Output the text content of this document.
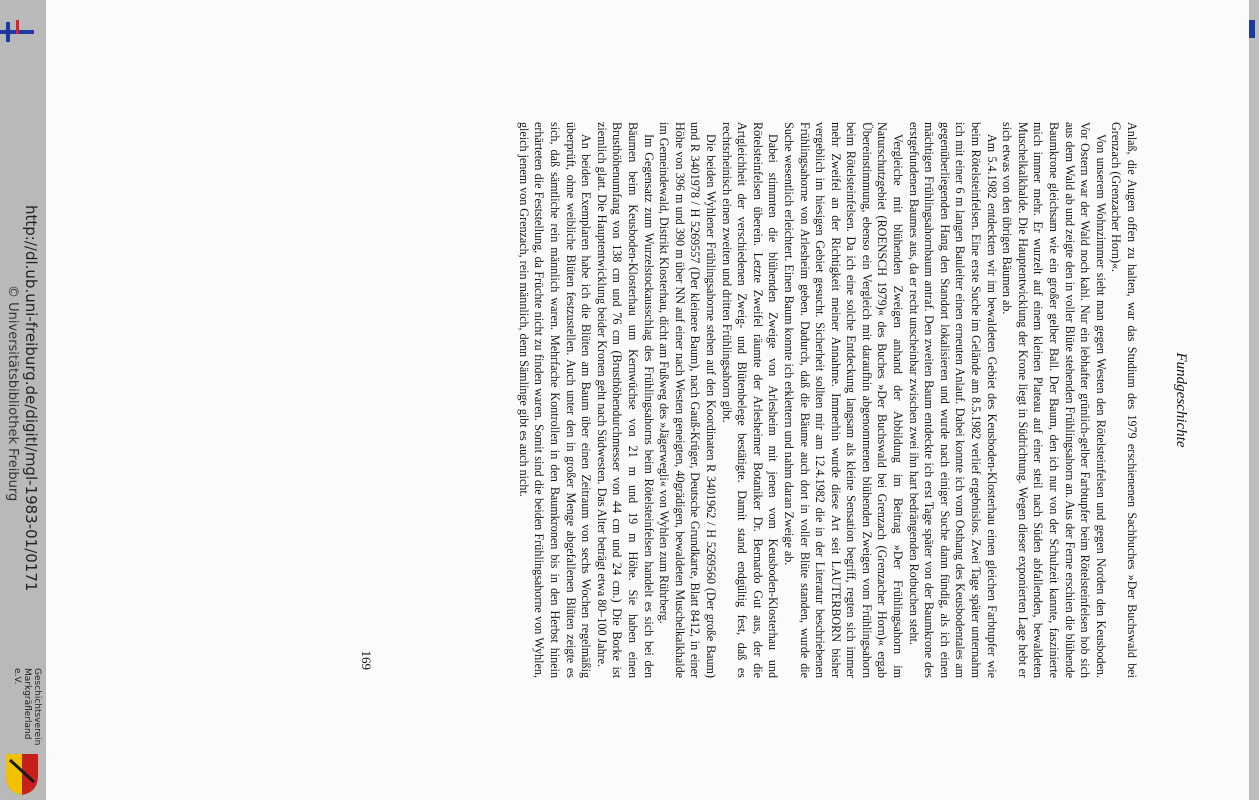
Fundgeschichte

Anlaß, die Augen offen zu halten, war das Studium des 1979 erschienenen Sachbuches »Der Buchswald bei Grenzach (Grenzacher Horn)«.

Von unserem Wohnzimmer sieht man gegen Westen den Rötelsteinfelsen und gegen Norden den Keusboden. Vor Ostern war der Wald noch kahl. Nur ein lebhafter grünlich-gelber Farbtupfer beim Rötelsteinfelsen hob sich aus dem Wald ab und zeigte den in voller Blüte stehenden Frühlingsahorn an. Aus der Ferne erschien die blühende Baumkrone gleichsam wie ein großer gelber Ball. Der Baum, den ich nur von der Schulzeit kannte, faszinierte mich immer mehr. Er wurzelt auf einem kleinen Plateau auf einer steil nach Süden abfallenden, bewaldeten Muschelkalkhalde. Die Hauptentwicklung der Krone liegt in Südrichtung. Wegen dieser exponierten Lage hebt er sich etwas von den übrigen Bäumen ab.

Am 5.4.1982 entdeckten wir im bewaldeten Gebiet des Keusboden-Klosterhau einen gleichen Farbtupfer wie beim Rötelsteinfelsen. Eine erste Suche im Gelände am 8.5.1982 verlief ergebnislos. Zwei Tage später unternahm ich mit einer 6 m langen Bauleiter einen erneuten Anlauf. Dabei konnte ich vom Osthang des Keusbodentales am gegenüberliegenden Hang den Standort lokalisieren und wurde nach einiger Suche dann fündig, als ich einen mächtigen Frühlingsahornbaum antraf. Den zweiten Baum entdeckte ich erst Tage später von der Baumkrone des erstgefundenen Baumes aus, da er recht unscheinbar zwischen zwei ihn hart bedrängenden Rotbuchen steht.

Vergleiche mit blühenden Zweigen anhand der Abbildung im Beitrag »Der Frühlingsahorn im Naturschutzgebiet (ROENSCH 1979)« des Buches »Der Buchswald bei Grenzach (Grenzacher Horn)« ergab Übereinstimmung, ebenso ein Vergleich mit daraufhin abgenommenen blühenden Zweigen vom Frühlingsahorn beim Rötelsteinfelsen. Da ich eine solche Entdeckung langsam als kleine Sensation begriff, regten sich immer mehr Zweifel an der Richtigkeit meiner Annahme. Immerhin wurde diese Art seit LAUTERBORN bisher vergeblich im hiesigen Gebiet gesucht. Sicherheit sollten mir am 12.4.1982 die in der Literatur beschriebenen Frühlingsahorne von Arlesheim geben. Dadurch, daß die Bäume auch dort in voller Blüte standen, wurde die Suche wesentlich erleichtert. Einen Baum konnte ich erklettern und nahm daran Zweige ab.

Dabei stimmten die blühenden Zweige von Arlesheim mit jenen vom Keusboden-Klosterhau und Rötelsteinfelsen überein. Letzte Zweifel räumte der Arlesheimer Botaniker Dr. Bernardo Gut aus, der die Artgleichheit der verschiedenen Zweig- und Blütenbelege bestätigte. Damit stand endgültig fest, daß es rechtsrheinisch einen zweiten und dritten Frühlingsahorn gibt.

Die beiden Wyhlener Frühlingsahorne stehen auf den Koordinaten R 3401962 / H 5269560 (Der große Baum) und R 3401978 / H 5269557 (Der kleinere Baum), nach Gauß-Krüger, Deutsche Grundkarte, Blatt 8412, in einer Höhe von 396 m und 390 m über NN auf einer nach Westen geneigten, 40grädigen, bewaldeten Muschelkalkhalde im Gemeindewald, Distrikt Klosterhau, dicht am Fußweg des »Jägerwegli« von Wyhlen zum Rührberg.

Im Gegensatz zum Wurzelstockausschlag des Frühlingsahorns beim Rötelsteinfelsen handelt es sich bei den Bäumen beim Keusboden-Klosterhau um Kernwüchse von 21 m und 19 m Höhe. Sie haben einen Brusthöhenumfang von 138 cm und 76 cm (Brusthöhendurchmesser von 44 cm und 24 cm.) Die Borke ist ziemlich glatt. Die Hauptentwicklung beider Kronen geht nach Südwesten. Das Alter beträgt etwa 80–100 Jahre.

An beiden Exemplaren habe ich die Blüten am Baum über einen Zeitraum von sechs Wochen regelmäßig überprüft, ohne weibliche Blüten festzustellen. Auch unter den in großer Menge abgefallenen Blüten zeigte es sich, daß sämtliche rein männlich waren. Mehrfache Kontrollen in den Baumkronen bis in den Herbst hinein erhärteten die Feststellung, da Früchte nicht zu finden waren. Somit sind die beiden Frühlingsahorne von Wyhlen, gleich jenem von Grenzach, rein männlich, denn Sämlinge gibt es auch nicht.

169
http://dl.ub.uni-freiburg.de/digitl/mgl-1983-01/0171
© Universitätsbibliothek Freiburg
Geschichtsverein Markgräflerland e.V.
